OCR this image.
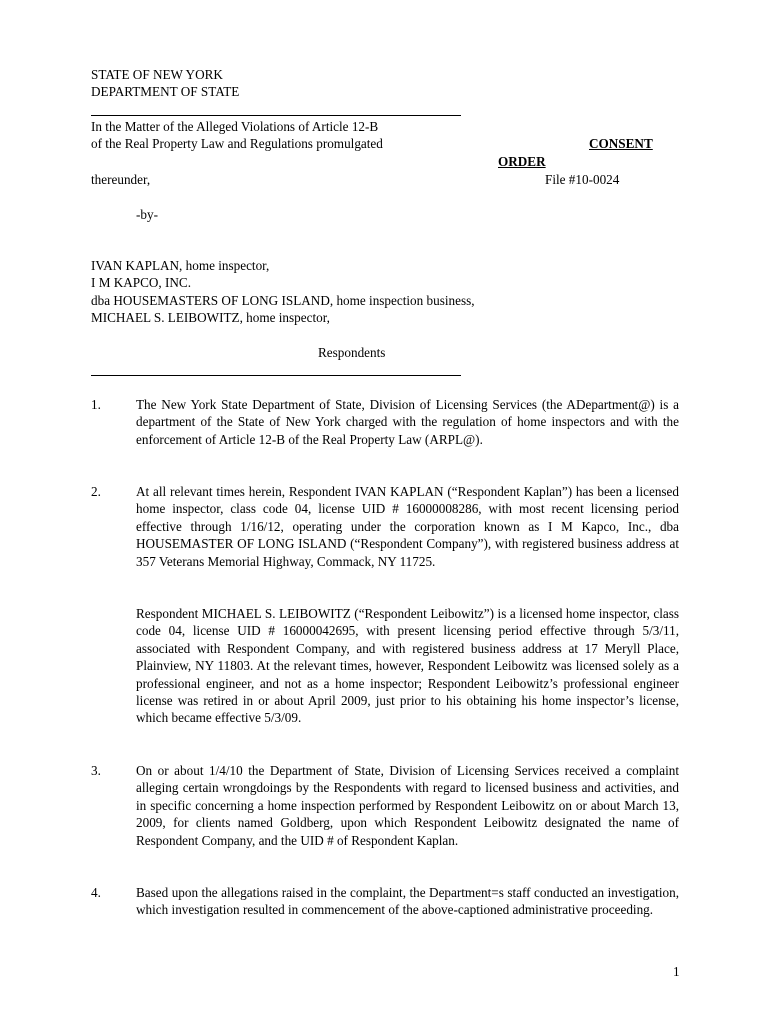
STATE OF NEW YORK
DEPARTMENT OF STATE
In the Matter of the Alleged Violations of Article 12-B
of the Real Property Law and Regulations promulgated	CONSENT
ORDER
thereunder,	File #10-0024
-by-
IVAN KAPLAN, home inspector,
I M KAPCO, INC.
dba HOUSEMASTERS OF LONG ISLAND, home inspection business,
MICHAEL S. LEIBOWITZ, home inspector,
Respondents
1.	The New York State Department of State, Division of Licensing Services (the ADepartment@) is a department of the State of New York charged with the regulation of home inspectors and with the enforcement of Article 12-B of the Real Property Law (ARPL@).
2.	At all relevant times herein, Respondent IVAN KAPLAN (“Respondent Kaplan”) has been a licensed home inspector, class code 04, license UID # 16000008286, with most recent licensing period effective through 1/16/12, operating under the corporation known as I M Kapco, Inc., dba HOUSEMASTER OF LONG ISLAND (“Respondent Company”), with registered business address at 357 Veterans Memorial Highway, Commack, NY 11725.
Respondent MICHAEL S. LEIBOWITZ (“Respondent Leibowitz”) is a licensed home inspector, class code 04, license UID # 16000042695, with present licensing period effective through 5/3/11, associated with Respondent Company, and with registered business address at 17 Meryll Place, Plainview, NY 11803. At the relevant times, however, Respondent Leibowitz was licensed solely as a professional engineer, and not as a home inspector; Respondent Leibowitz’s professional engineer license was retired in or about April 2009, just prior to his obtaining his home inspector’s license, which became effective 5/3/09.
3.	On or about 1/4/10 the Department of State, Division of Licensing Services received a complaint alleging certain wrongdoings by the Respondents with regard to licensed business and activities, and in specific concerning a home inspection performed by Respondent Leibowitz on or about March 13, 2009, for clients named Goldberg, upon which Respondent Leibowitz designated the name of Respondent Company, and the UID # of Respondent Kaplan.
4.	Based upon the allegations raised in the complaint, the Department=s staff conducted an investigation, which investigation resulted in commencement of the above-captioned administrative proceeding.
1
